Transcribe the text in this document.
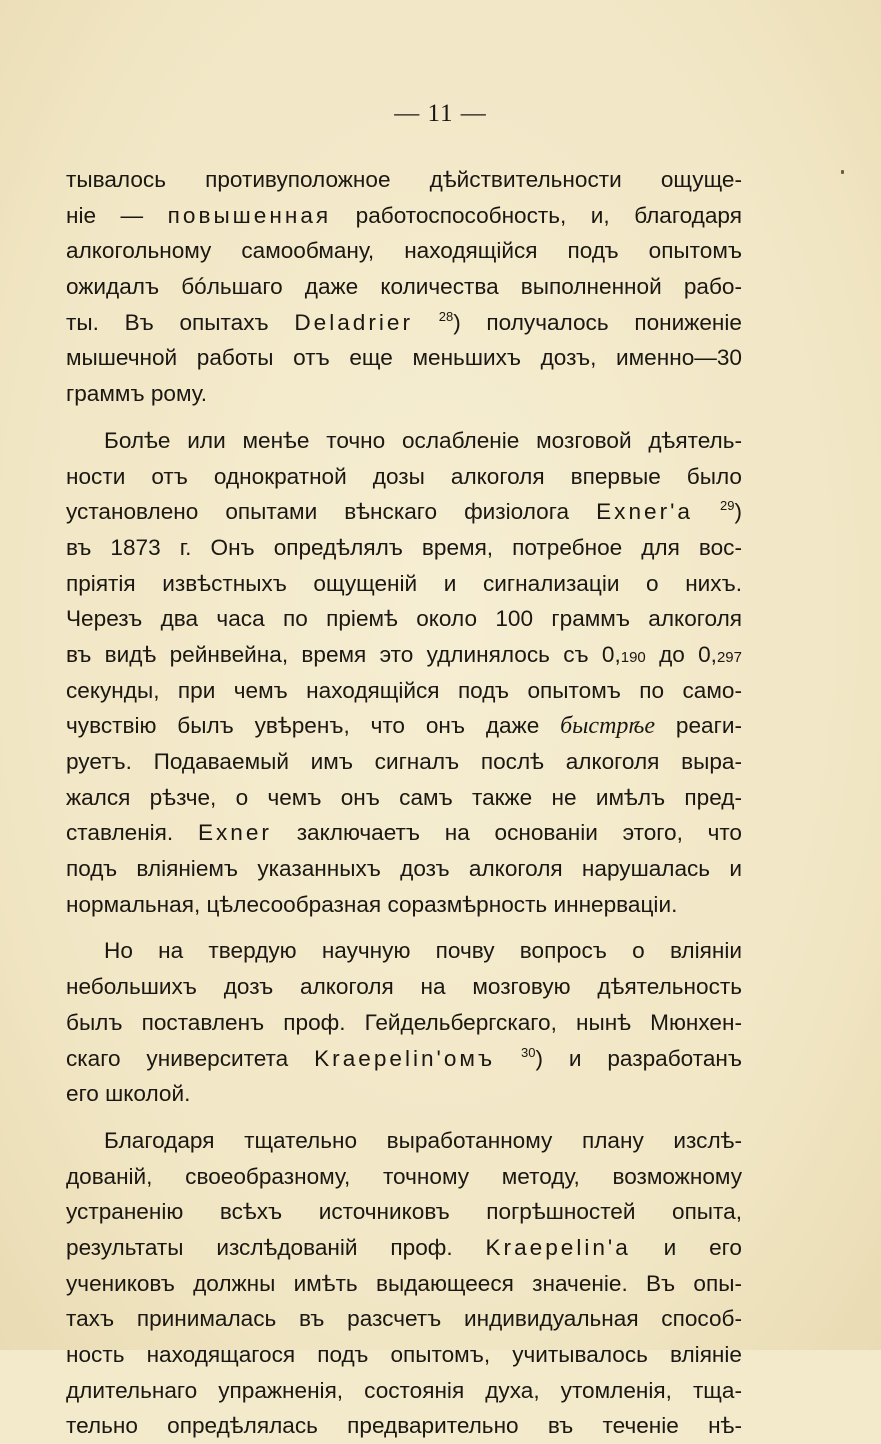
— 11 —
тывалось противуположное дѣйствительности ощуще-
ніе — повышенная работоспособность, и, благодаря
алкогольному самообману, находящійся подъ опытомъ
ожидалъ бóльшаго даже количества выполненной рабо-
ты. Въ опытахъ Deladrier $^{28}$) получалось пониженіе
мышечной работы отъ еще меньшихъ дозъ, именно—30
граммъ рому.
Болѣе или менѣе точно ослабленіе мозговой дѣятель-
ности отъ однократной дозы алкоголя впервые было
установлено опытами вѣнскаго физіолога Exner'a $^{29}$)
въ 1873 г. Онъ опредѣлялъ время, потребное для вос-
пріятія извѣстныхъ ощущеній и сигнализаціи о нихъ.
Черезъ два часа по пріемѣ около 100 граммъ алкоголя
въ видѣ рейнвейна, время это удлинялось съ 0,190 до 0,297
секунды, при чемъ находящійся подъ опытомъ по само-
чувствію былъ увѣренъ, что онъ даже быстрѣе реаги-
руетъ. Подаваемый имъ сигналъ послѣ алкоголя выра-
жался рѣзче, о чемъ онъ самъ также не имѣлъ пред-
ставленія. Exner заключаетъ на основаніи этого, что
подъ вліяніемъ указанныхъ дозъ алкоголя нарушалась и
нормальная, цѣлесообразная соразмѣрность иннерваціи.
Но на твердую научную почву вопросъ о вліяніи
небольшихъ дозъ алкоголя на мозговую дѣятельность
былъ поставленъ проф. Гейдельбергскаго, нынѣ Мюнхен-
скаго университета Kraepelin'омъ $^{30}$) и разработанъ
его школой.
Благодаря тщательно выработанному плану изслѣ-
дованій, своеобразному, точному методу, возможному
устраненію всѣхъ источниковъ погрѣшностей опыта,
результаты изслѣдованій проф. Kraepelin'a и его
учениковъ должны имѣть выдающееся значеніе. Въ опы-
тахъ принималась въ разсчетъ индивидуальная способ-
ность находящагося подъ опытомъ, учитывалось вліяніе
длительнаго упражненія, состоянія духа, утомленія, тща-
тельно опредѣлялась предварительно въ теченіе нѣ-
